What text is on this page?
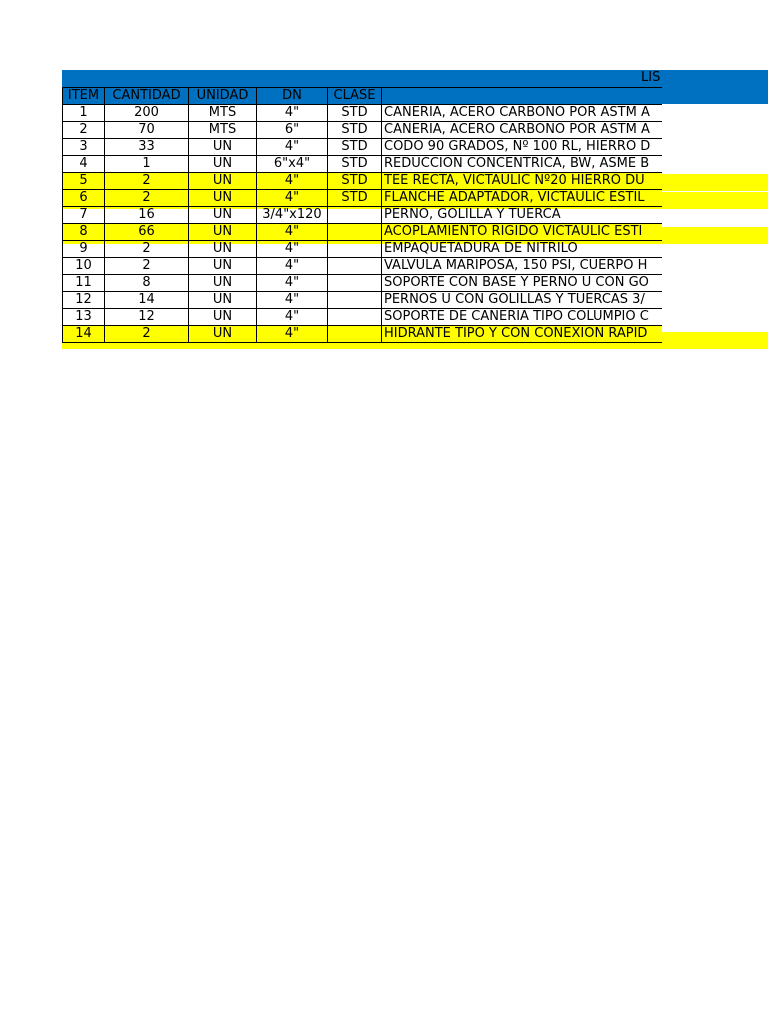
LIS
ITEM	CANTIDAD	UNIDAD	DN	CLASE	
1	200	MTS	4"	STD	CAÑERIA, ACERO CARBONO POR ASTM A
2	70	MTS	6"	STD	CAÑERIA, ACERO CARBONO POR ASTM A
3	33	UN	4"	STD	CODO 90 GRADOS, Nº 100 RL, HIERRO D
4	1	UN	6"x4"	STD	REDUCCION CONCENTRICA, BW, ASME B
5	2	UN	4"	STD	TEE RECTA, VICTAULIC Nº20 HIERRO DU
6	2	UN	4"	STD	FLANCHE ADAPTADOR, VICTAULIC ESTIL
7	16	UN	3/4"x120		PERNO, GOLILLA Y TUERCA
8	66	UN	4"		ACOPLAMIENTO RIGIDO VICTAULIC ESTI
9	2	UN	4"		EMPAQUETADURA DE NITRILO
10	2	UN	4"		VALVULA MARIPOSA, 150 PSI, CUERPO H
11	8	UN	4"		SOPORTE CON BASE Y PERNO U CON GO
12	14	UN	4"		PERNOS U CON GOLILLAS Y TUERCAS 3/
13	12	UN	4"		SOPORTE DE CAÑERIA TIPO COLUMPIO C
14	2	UN	4"		HIDRANTE TIPO Y CON CONEXION RAPID
